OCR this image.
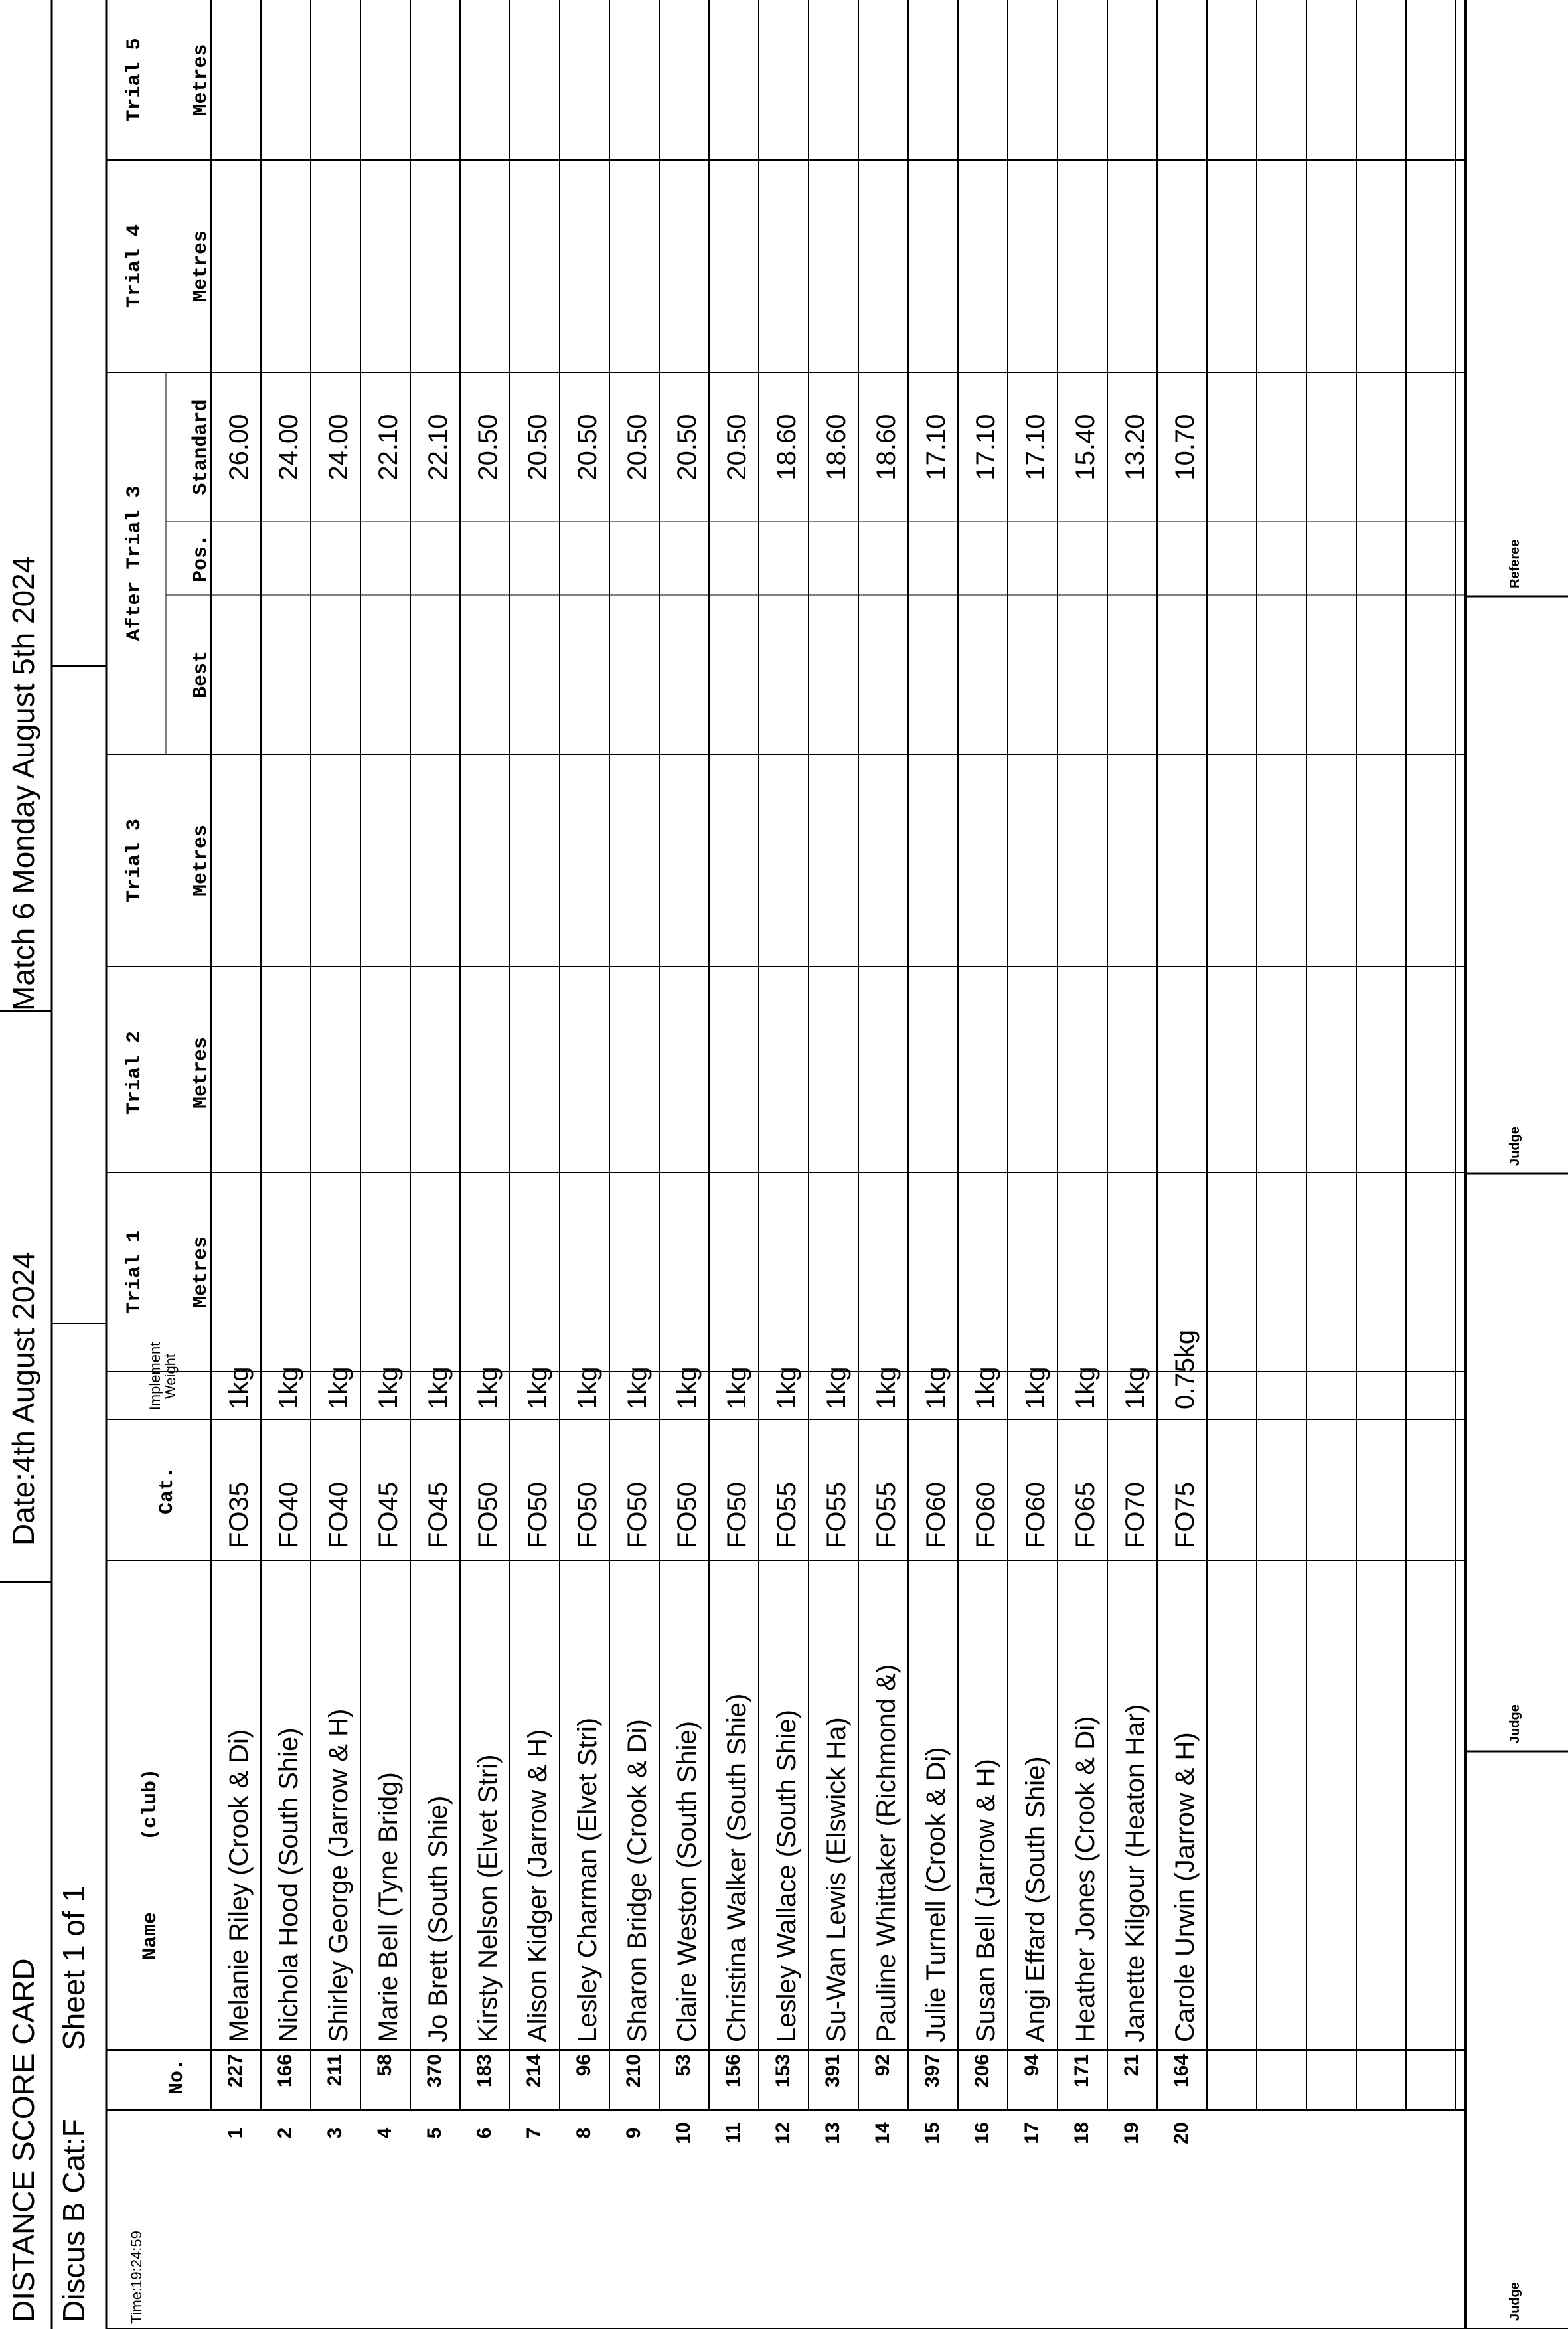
DISTANCE SCORE CARD
Date:4th August 2024
Match 6 Monday August 5th 2024
Discus B Cat:F
Sheet 1 of 1
Time:19:24:59
No.
Name      (club)
Cat.
Implement Weight
Trial 1 Metres
Trial 2 Metres
Trial 3 Metres
After Trial 3
Best
Pos.
Standard
Trial 4 Metres
Trial 5 Metres
1
227
Melanie Riley (Crook & Di)
FO35
1kg
26.00
2
166
Nichola Hood (South Shie)
FO40
1kg
24.00
3
211
Shirley George (Jarrow & H)
FO40
1kg
24.00
4
58
Marie Bell (Tyne Bridg)
FO45
1kg
22.10
5
370
Jo Brett (South Shie)
FO45
1kg
22.10
6
183
Kirsty Nelson (Elvet Stri)
FO50
1kg
20.50
7
214
Alison Kidger (Jarrow & H)
FO50
1kg
20.50
8
96
Lesley Charman (Elvet Stri)
FO50
1kg
20.50
9
210
Sharon Bridge (Crook & Di)
FO50
1kg
20.50
10
53
Claire Weston (South Shie)
FO50
1kg
20.50
11
156
Christina Walker (South Shie)
FO50
1kg
20.50
12
153
Lesley Wallace (South Shie)
FO55
1kg
18.60
13
391
Su-Wan Lewis (Elswick Ha)
FO55
1kg
18.60
14
92
Pauline Whittaker (Richmond &)
FO55
1kg
18.60
15
397
Julie Turnell (Crook & Di)
FO60
1kg
17.10
16
206
Susan Bell (Jarrow & H)
FO60
1kg
17.10
17
94
Angi Effard (South Shie)
FO60
1kg
17.10
18
171
Heather Jones (Crook & Di)
FO65
1kg
15.40
19
21
Janette Kilgour (Heaton Har)
FO70
1kg
13.20
20
164
Carole Urwin (Jarrow & H)
FO75
0.75kg
10.70
Judge
Judge
Judge
Referee
